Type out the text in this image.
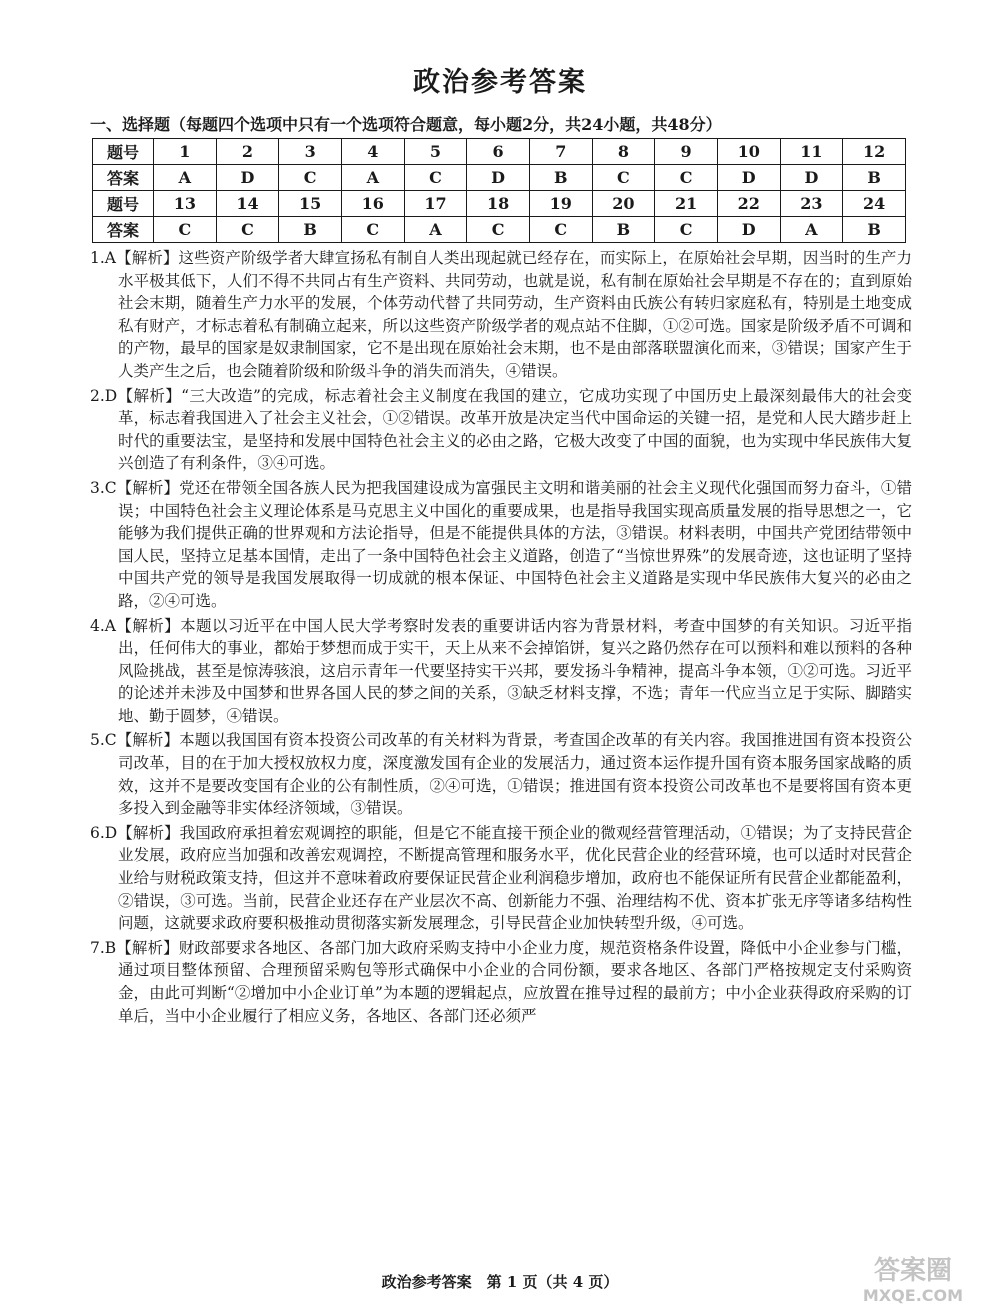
政治参考答案
一、选择题（每题四个选项中只有一个选项符合题意，每小题2分，共24小题，共48分）
题号	1	2	3	4	5	6	7	8	9	10	11	12
答案	A	D	C	A	C	D	B	C	C	D	D	B
题号	13	14	15	16	17	18	19	20	21	22	23	24
答案	C	C	B	C	A	C	C	B	C	D	A	B

1.A【解析】这些资产阶级学者大肆宣扬私有制自人类出现起就已经存在，而实际上，在原始社会早期，因当时的生产力水平极其低下，人们不得不共同占有生产资料、共同劳动，也就是说，私有制在原始社会早期是不存在的；直到原始社会末期，随着生产力水平的发展，个体劳动代替了共同劳动，生产资料由氏族公有转归家庭私有，特别是土地变成私有财产，才标志着私有制确立起来，所以这些资产阶级学者的观点站不住脚，①②可选。国家是阶级矛盾不可调和的产物，最早的国家是奴隶制国家，它不是出现在原始社会末期，也不是由部落联盟演化而来，③错误；国家产生于人类产生之后，也会随着阶级和阶级斗争的消失而消失，④错误。

2.D【解析】“三大改造”的完成，标志着社会主义制度在我国的建立，它成功实现了中国历史上最深刻最伟大的社会变革，标志着我国进入了社会主义社会，①②错误。改革开放是决定当代中国命运的关键一招，是党和人民大踏步赶上时代的重要法宝，是坚持和发展中国特色社会主义的必由之路，它极大改变了中国的面貌，也为实现中华民族伟大复兴创造了有利条件，③④可选。

3.C【解析】党还在带领全国各族人民为把我国建设成为富强民主文明和谐美丽的社会主义现代化强国而努力奋斗，①错误；中国特色社会主义理论体系是马克思主义中国化的重要成果，也是指导我国实现高质量发展的指导思想之一，它能够为我们提供正确的世界观和方法论指导，但是不能提供具体的方法，③错误。材料表明，中国共产党团结带领中国人民，坚持立足基本国情，走出了一条中国特色社会主义道路，创造了“当惊世界殊”的发展奇迹，这也证明了坚持中国共产党的领导是我国发展取得一切成就的根本保证、中国特色社会主义道路是实现中华民族伟大复兴的必由之路，②④可选。

4.A【解析】本题以习近平在中国人民大学考察时发表的重要讲话内容为背景材料，考查中国梦的有关知识。习近平指出，任何伟大的事业，都始于梦想而成于实干，天上从来不会掉馅饼，复兴之路仍然存在可以预料和难以预料的各种风险挑战，甚至是惊涛骇浪，这启示青年一代要坚持实干兴邦，要发扬斗争精神，提高斗争本领，①②可选。习近平的论述并未涉及中国梦和世界各国人民的梦之间的关系，③缺乏材料支撑，不选；青年一代应当立足于实际、脚踏实地、勤于圆梦，④错误。

5.C【解析】本题以我国国有资本投资公司改革的有关材料为背景，考查国企改革的有关内容。我国推进国有资本投资公司改革，目的在于加大授权放权力度，深度激发国有企业的发展活力，通过资本运作提升国有资本服务国家战略的质效，这并不是要改变国有企业的公有制性质，②④可选，①错误；推进国有资本投资公司改革也不是要将国有资本更多投入到金融等非实体经济领域，③错误。

6.D【解析】我国政府承担着宏观调控的职能，但是它不能直接干预企业的微观经营管理活动，①错误；为了支持民营企业发展，政府应当加强和改善宏观调控，不断提高管理和服务水平，优化民营企业的经营环境，也可以适时对民营企业给与财税政策支持，但这并不意味着政府要保证民营企业利润稳步增加，政府也不能保证所有民营企业都能盈利，②错误，③可选。当前，民营企业还存在产业层次不高、创新能力不强、治理结构不优、资本扩张无序等诸多结构性问题，这就要求政府要积极推动贯彻落实新发展理念，引导民营企业加快转型升级，④可选。

7.B【解析】财政部要求各地区、各部门加大政府采购支持中小企业力度，规范资格条件设置，降低中小企业参与门槛，通过项目整体预留、合理预留采购包等形式确保中小企业的合同份额，要求各地区、各部门严格按规定支付采购资金，由此可判断“②增加中小企业订单”为本题的逻辑起点，应放置在推导过程的最前方；中小企业获得政府采购的订单后，当中小企业履行了相应义务，各地区、各部门还必须严

政治参考答案　第 1 页（共 4 页）	答案圈
MXQE.COM
